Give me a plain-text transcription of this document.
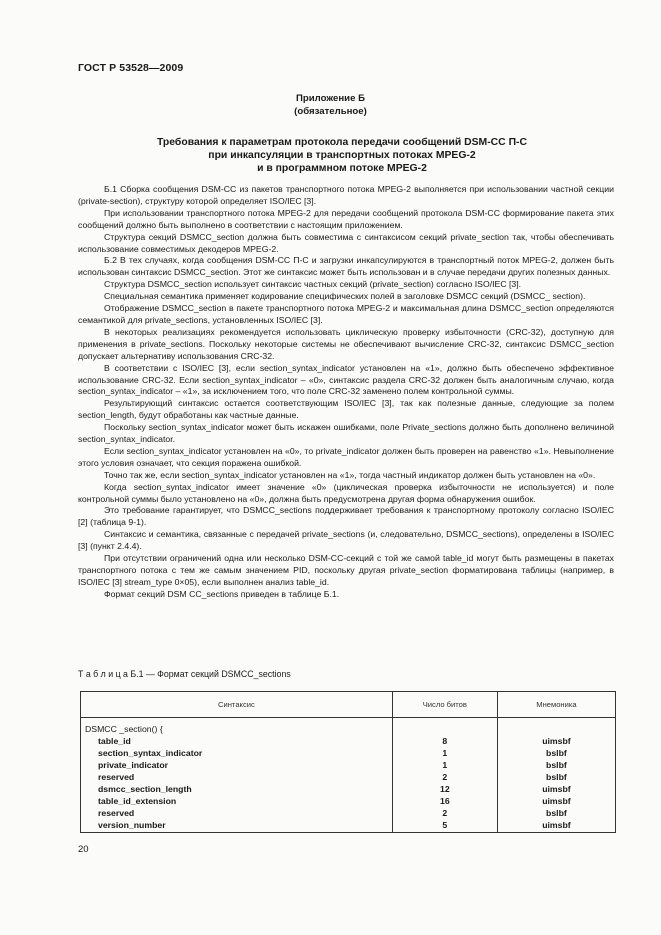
ГОСТ Р 53528—2009
Приложение Б
(обязательное)
Требования к параметрам протокола передачи сообщений DSM-CC П-С
при инкапсуляции в транспортных потоках MPEG-2
и в программном потоке MPEG-2

Б.1 Сборка сообщения DSM-CC из пакетов транспортного потока MPEG-2 выполняется при использовании частной секции (private-section), структуру которой определяет ISO/IEC [3].

При использовании транспортного потока MPEG-2 для передачи сообщений протокола DSM-CC формирование пакета этих сообщений должно быть выполнено в соответствии с настоящим приложением.

Структура секций DSMCC_section должна быть совместима с синтаксисом секций private_section так, чтобы обеспечивать использование совместимых декодеров MPEG-2.

Б.2 В тех случаях, когда сообщения DSM-CC П-С и загрузки инкапсулируются в транспортный поток MPEG-2, должен быть использован синтаксис DSMCC_section. Этот же синтаксис может быть использован и в случае передачи других полезных данных.

Структура DSMCC_section использует синтаксис частных секций (private_section) согласно ISO/IEC [3].

Специальная семантика применяет кодирование специфических полей в заголовке DSMCC секций (DSMCC_ section).

Отображение DSMCC_section в пакете транспортного потока MPEG-2 и максимальная длина DSMCC_section определяются семантикой для private_sections, установленных ISO/IEC [3].

В некоторых реализациях рекомендуется использовать циклическую проверку избыточности (CRC-32), доступную для применения в private_sections. Поскольку некоторые системы не обеспечивают вычисление CRC-32, синтаксис DSMCC_section допускает альтернативу использования CRC-32.

В соответствии с ISO/IEC [3], если section_syntax_indicator установлен на «1», должно быть обеспечено эффективное использование CRC-32. Если section_syntax_indicator – «0», синтаксис раздела CRC-32 должен быть аналогичным случаю, когда section_syntax_indicator – «1», за исключением того, что поле CRC-32 заменено полем контрольной суммы.

Результирующий синтаксис остается соответствующим ISO/IEC [3], так как полезные данные, следующие за полем section_length, будут обработаны как частные данные.

Поскольку section_syntax_indicator может быть искажен ошибками, поле Private_sections должно быть дополнено величиной section_syntax_indicator.

Если section_syntax_indicator установлен на «0», то private_indicator должен быть проверен на равенство «1». Невыполнение этого условия означает, что секция поражена ошибкой.

Точно так же, если section_syntax_indicator установлен на «1», тогда частный индикатор должен быть установлен на «0».

Когда section_syntax_indicator имеет значение «0» (циклическая проверка избыточности не используется) и поле контрольной суммы было установлено на «0», должна быть предусмотрена другая форма обнаружения ошибок.

Это требование гарантирует, что DSMCC_sections поддерживает требования к транспортному протоколу согласно ISO/IEC [2] (таблица 9-1).

Синтаксис и семантика, связанные с передачей private_sections (и, следовательно, DSMCC_sections), определены в ISO/IEC [3] (пункт 2.4.4).

При отсутствии ограничений одна или несколько DSM-CC-секций с той же самой table_id могут быть размещены в пакетах транспортного потока с тем же самым значением PID, поскольку другая private_section форматирована таблицы (например, в ISO/IEC [3] stream_type 0×05), если выполнен анализ table_id.

Формат секций DSM CC_sections приведен в таблице Б.1.

Т а б л и ц а Б.1 — Формат секций DSMCC_sections
Синтаксис	Число битов	Мнемоника
DSMCC _section() {		
table_id	8	uimsbf
section_syntax_indicator	1	bslbf
private_indicator	1	bslbf
reserved	2	bslbf
dsmcc_section_length	12	uimsbf
table_id_extension	16	uimsbf
reserved	2	bslbf
version_number	5	uimsbf
20
